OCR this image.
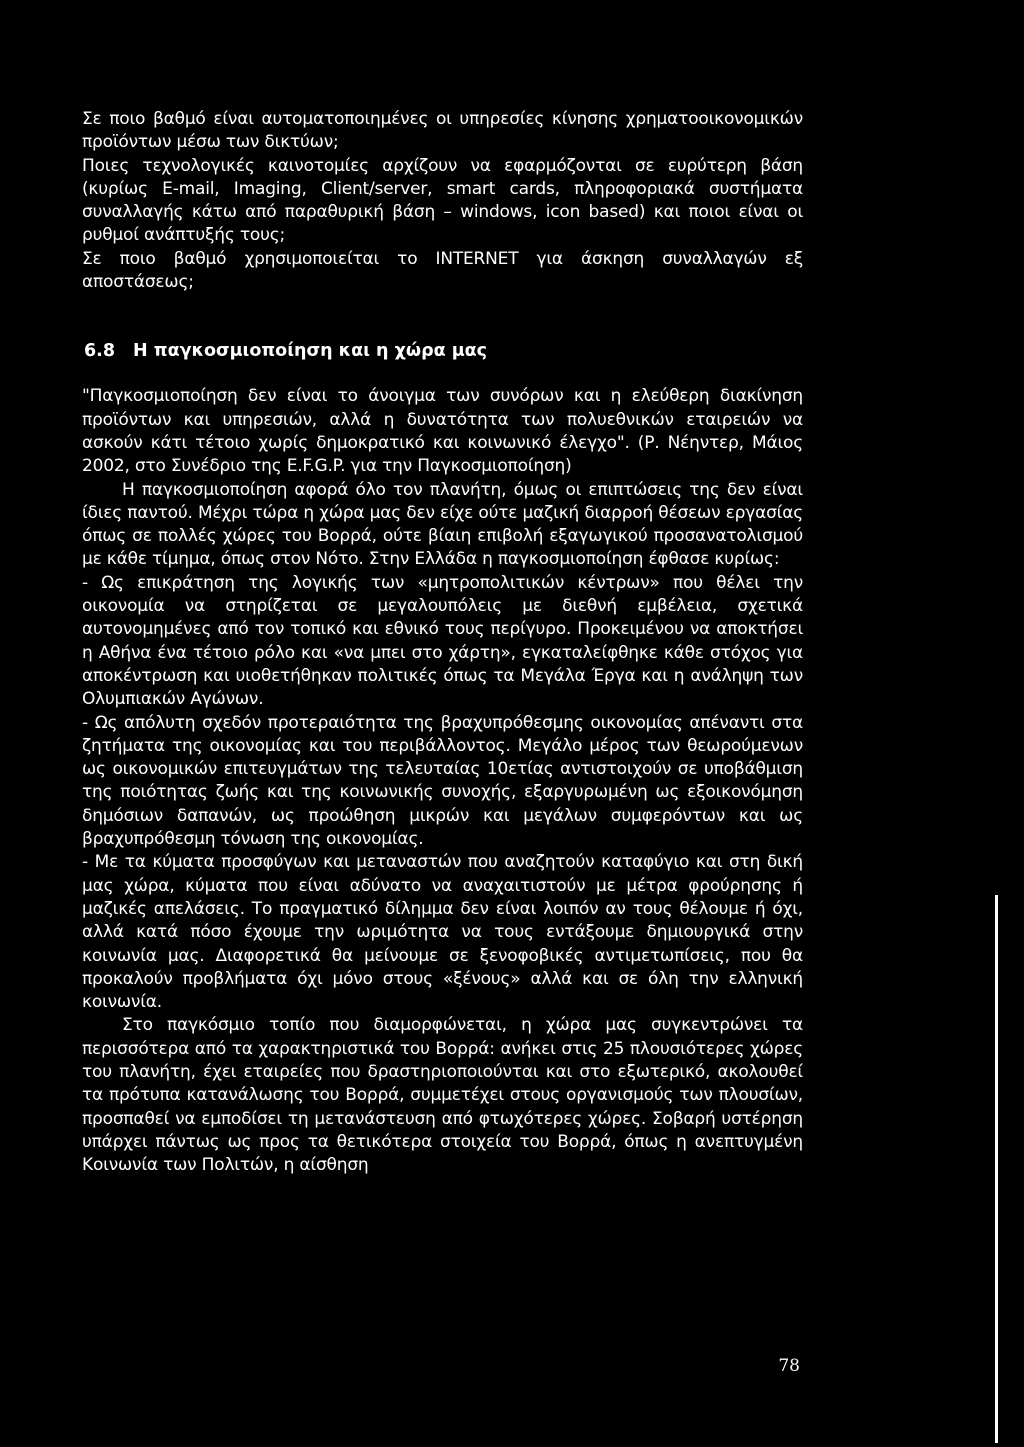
Σε ποιο βαθμό είναι αυτοματοποιημένες οι υπηρεσίες κίνησης χρηματοοικονομικών προϊόντων μέσω των δικτύων;

Ποιες τεχνολογικές καινοτομίες αρχίζουν να εφαρμόζονται σε ευρύτερη βάση (κυρίως E-mail, Imaging, Client/server, smart cards, πληροφοριακά συστήματα συναλλαγής κάτω από παραθυρική βάση – windows, icon based) και ποιοι είναι οι ρυθμοί ανάπτυξής τους;

Σε ποιο βαθμό χρησιμοποιείται το INTERNET για άσκηση συναλλαγών εξ αποστάσεως;

6.8 Η παγκοσμιοποίηση και η χώρα μας

"Παγκοσμιοποίηση δεν είναι το άνοιγμα των συνόρων και η ελεύθερη διακίνηση προϊόντων και υπηρεσιών, αλλά η δυνατότητα των πολυεθνικών εταιρειών να ασκούν κάτι τέτοιο χωρίς δημοκρατικό και κοινωνικό έλεγχο". (Ρ. Νέηντερ, Μάιος 2002, στο Συνέδριο της E.F.G.P. για την Παγκοσμιοποίηση)

Η παγκοσμιοποίηση αφορά όλο τον πλανήτη, όμως οι επιπτώσεις της δεν είναι ίδιες παντού. Μέχρι τώρα η χώρα μας δεν είχε ούτε μαζική διαρροή θέσεων εργασίας όπως σε πολλές χώρες του Βορρά, ούτε βίαιη επιβολή εξαγωγικού προσανατολισμού με κάθε τίμημα, όπως στον Νότο. Στην Ελλάδα η παγκοσμιοποίηση έφθασε κυρίως:

- Ως επικράτηση της λογικής των «μητροπολιτικών κέντρων» που θέλει την οικονομία να στηρίζεται σε μεγαλουπόλεις με διεθνή εμβέλεια, σχετικά αυτονομημένες από τον τοπικό και εθνικό τους περίγυρο. Προκειμένου να αποκτήσει η Αθήνα ένα τέτοιο ρόλο και «να μπει στο χάρτη», εγκαταλείφθηκε κάθε στόχος για αποκέντρωση και υιοθετήθηκαν πολιτικές όπως τα Μεγάλα Έργα και η ανάληψη των Ολυμπιακών Αγώνων.

- Ως απόλυτη σχεδόν προτεραιότητα της βραχυπρόθεσμης οικονομίας απέναντι στα ζητήματα της οικονομίας και του περιβάλλοντος. Μεγάλο μέρος των θεωρούμενων ως οικονομικών επιτευγμάτων της τελευταίας 10ετίας αντιστοιχούν σε υποβάθμιση της ποιότητας ζωής και της κοινωνικής συνοχής, εξαργυρωμένη ως εξοικονόμηση δημόσιων δαπανών, ως προώθηση μικρών και μεγάλων συμφερόντων και ως βραχυπρόθεσμη τόνωση της οικονομίας.

- Με τα κύματα προσφύγων και μεταναστών που αναζητούν καταφύγιο και στη δική μας χώρα, κύματα που είναι αδύνατο να αναχαιτιστούν με μέτρα φρούρησης ή μαζικές απελάσεις. Το πραγματικό δίλημμα δεν είναι λοιπόν αν τους θέλουμε ή όχι, αλλά κατά πόσο έχουμε την ωριμότητα να τους εντάξουμε δημιουργικά στην κοινωνία μας. Διαφορετικά θα μείνουμε σε ξενοφοβικές αντιμετωπίσεις, που θα προκαλούν προβλήματα όχι μόνο στους «ξένους» αλλά και σε όλη την ελληνική κοινωνία.

Στο παγκόσμιο τοπίο που διαμορφώνεται, η χώρα μας συγκεντρώνει τα περισσότερα από τα χαρακτηριστικά του Βορρά: ανήκει στις 25 πλουσιότερες χώρες του πλανήτη, έχει εταιρείες που δραστηριοποιούνται και στο εξωτερικό, ακολουθεί τα πρότυπα κατανάλωσης του Βορρά, συμμετέχει στους οργανισμούς των πλουσίων, προσπαθεί να εμποδίσει τη μετανάστευση από φτωχότερες χώρες. Σοβαρή υστέρηση υπάρχει πάντως ως προς τα θετικότερα στοιχεία του Βορρά, όπως η ανεπτυγμένη Κοινωνία των Πολιτών, η αίσθηση

78
